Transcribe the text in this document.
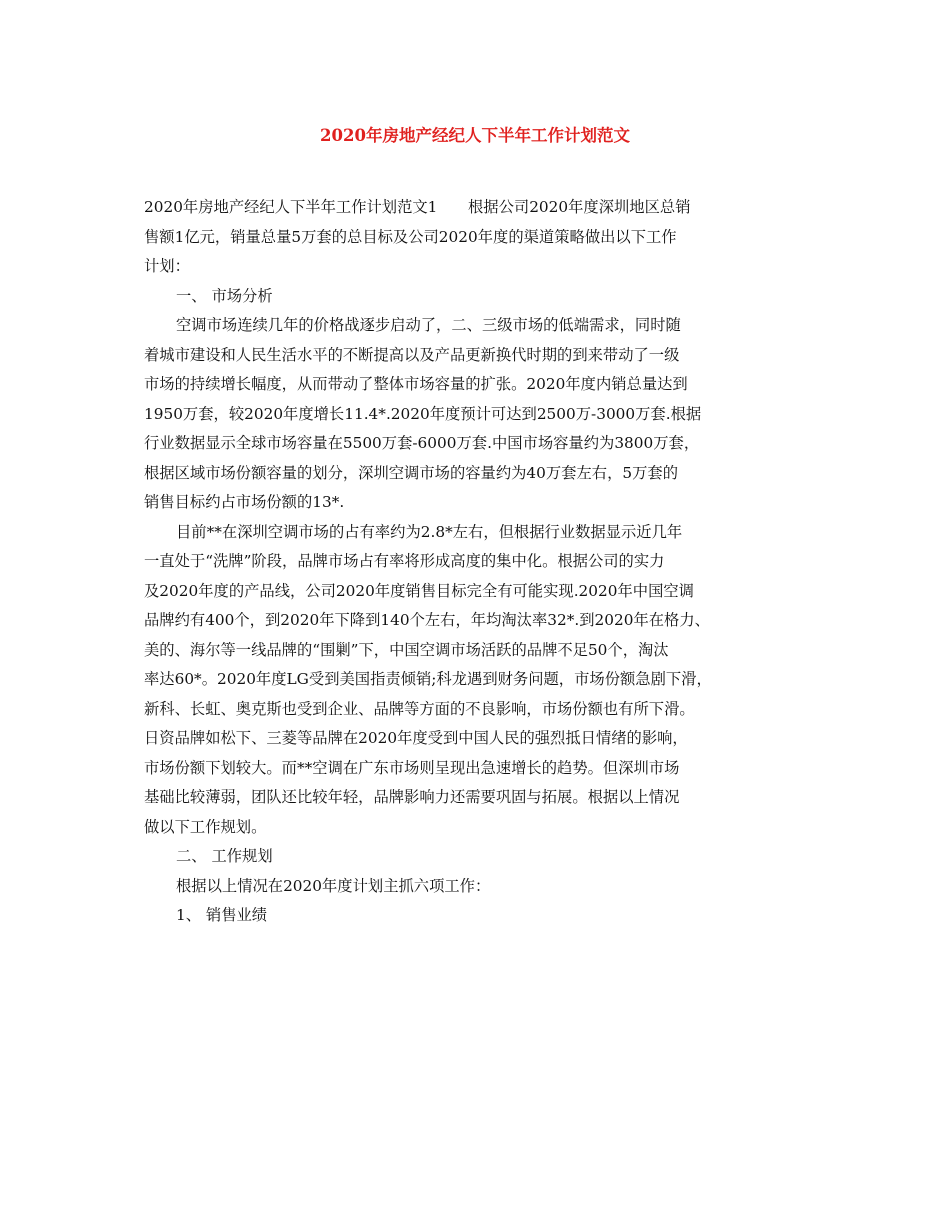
2020年房地产经纪人下半年工作计划范文
2020年房地产经纪人下半年工作计划范文1　　根据公司2020年度深圳地区总销
售额1亿元，销量总量5万套的总目标及公司2020年度的渠道策略做出以下工作
计划：
一、 市场分析
空调市场连续几年的价格战逐步启动了，二、三级市场的低端需求，同时随
着城市建设和人民生活水平的不断提高以及产品更新换代时期的到来带动了一级
市场的持续增长幅度，从而带动了整体市场容量的扩张。2020年度内销总量达到
1950万套，较2020年度增长11.4*.2020年度预计可达到2500万-3000万套.根据
行业数据显示全球市场容量在5500万套-6000万套.中国市场容量约为3800万套，
根据区域市场份额容量的划分，深圳空调市场的容量约为40万套左右，5万套的
销售目标约占市场份额的13*.
目前**在深圳空调市场的占有率约为2.8*左右，但根据行业数据显示近几年
一直处于“洗牌”阶段，品牌市场占有率将形成高度的集中化。根据公司的实力
及2020年度的产品线，公司2020年度销售目标完全有可能实现.2020年中国空调
品牌约有400个，到2020年下降到140个左右，年均淘汰率32*.到2020年在格力、
美的、海尔等一线品牌的“围剿”下，中国空调市场活跃的品牌不足50个，淘汰
率达60*。2020年度LG受到美国指责倾销;科龙遇到财务问题，市场份额急剧下滑，
新科、长虹、奥克斯也受到企业、品牌等方面的不良影响，市场份额也有所下滑。
日资品牌如松下、三菱等品牌在2020年度受到中国人民的强烈抵日情绪的影响，
市场份额下划较大。而**空调在广东市场则呈现出急速增长的趋势。但深圳市场
基础比较薄弱，团队还比较年轻，品牌影响力还需要巩固与拓展。根据以上情况
做以下工作规划。
二、 工作规划
根据以上情况在2020年度计划主抓六项工作：
1、 销售业绩
